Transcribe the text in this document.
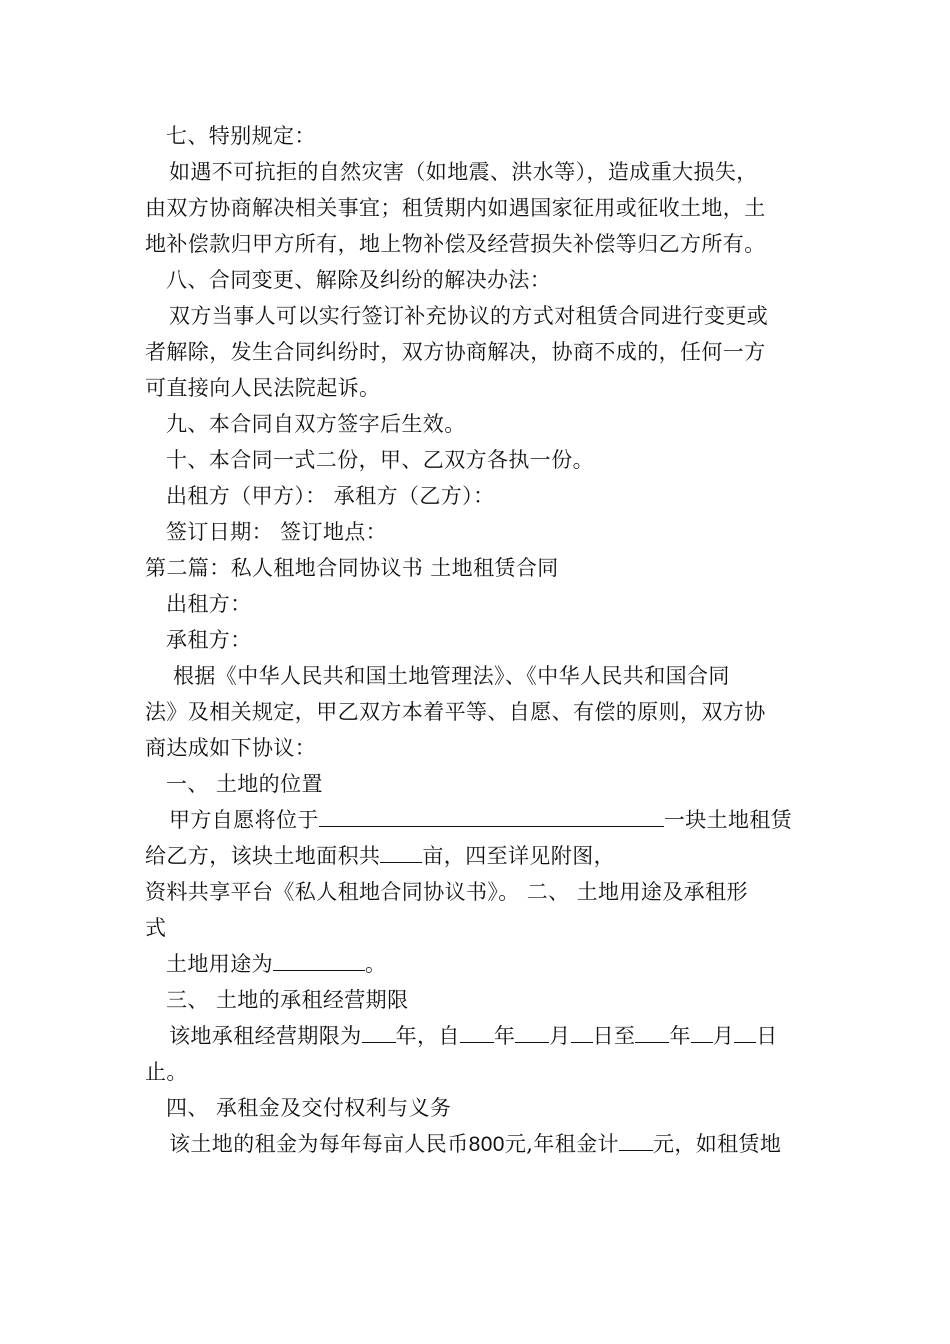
七、特别规定：
如遇不可抗拒的自然灾害（如地震、洪水等），造成重大损失，
由双方协商解决相关事宜；租赁期内如遇国家征用或征收土地，土
地补偿款归甲方所有，地上物补偿及经营损失补偿等归乙方所有。
八、合同变更、解除及纠纷的解决办法：
双方当事人可以实行签订补充协议的方式对租赁合同进行变更或
者解除，发生合同纠纷时，双方协商解决，协商不成的，任何一方
可直接向人民法院起诉。
九、本合同自双方签字后生效。
十、本合同一式二份，甲、乙双方各执一份。
出租方（甲方）： 承租方（乙方）：
签订日期： 签订地点：
第二篇：私人租地合同协议书 土地租赁合同
出租方：
承租方：
根据《中华人民共和国土地管理法》、《中华人民共和国合同
法》及相关规定，甲乙双方本着平等、自愿、有偿的原则，双方协
商达成如下协议：
一、 土地的位置
甲方自愿将位于	一块土地租赁
给乙方，该块土地面积共 亩，四至详见附图，
资料共享平台《私人租地合同协议书》。 二、 土地用途及承租形
式
土地用途为	。
三、 土地的承租经营期限
该地承租经营期限为 年，自 年 月 日至 年 月 日
止。
四、 承租金及交付权利与义务
该土地的租金为每年每亩人民币800元,年租金计 元，如租赁地
